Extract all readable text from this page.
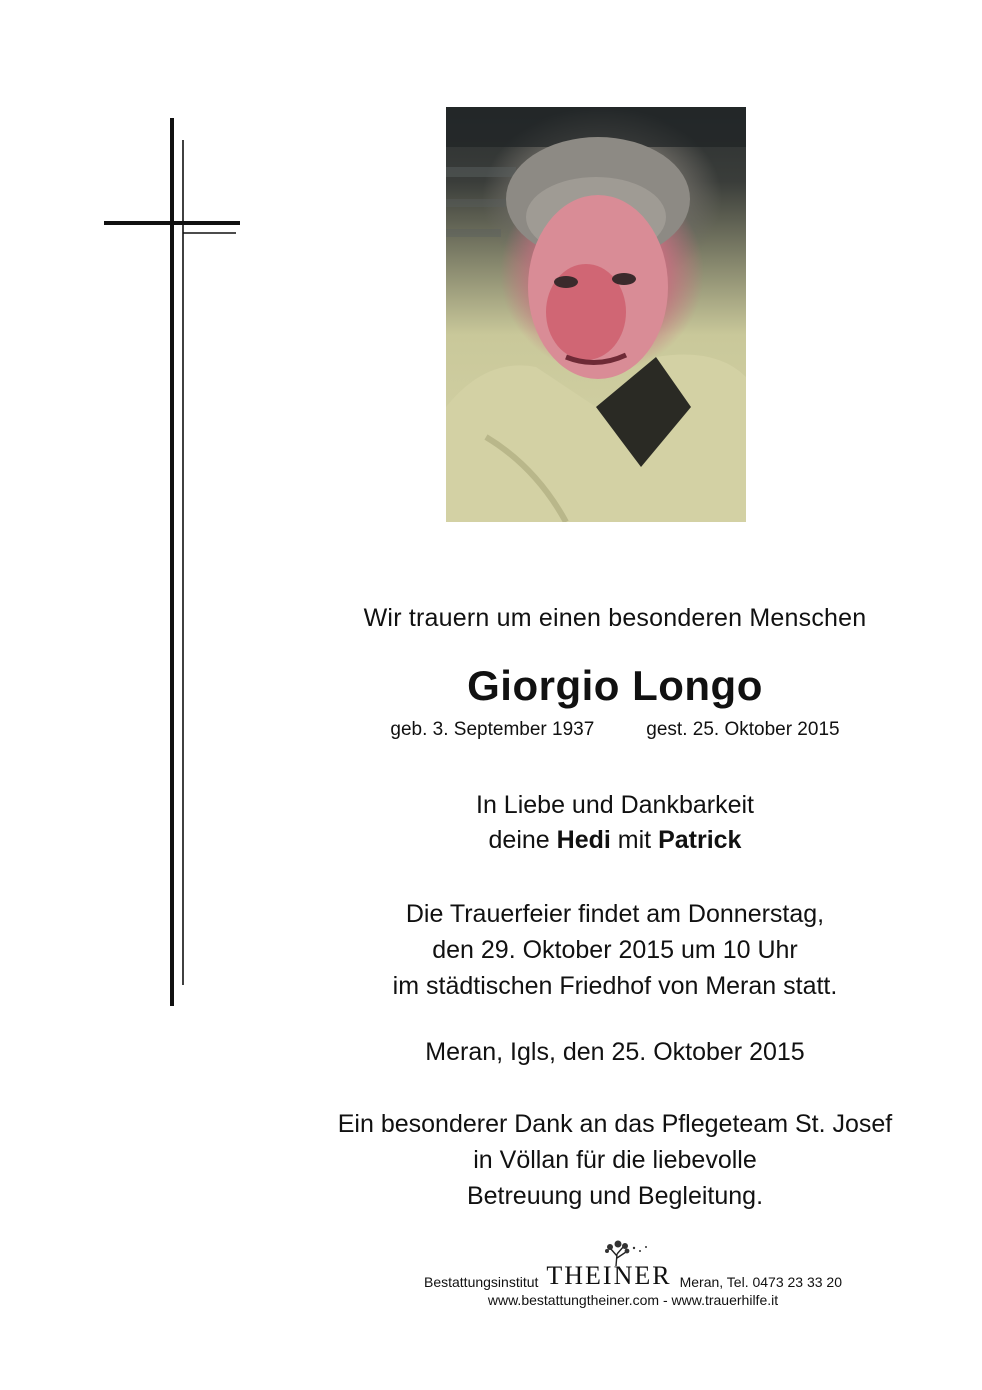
Wir trauern um einen besonderen Menschen
Giorgio Longo
geb. 3. September 1937	gest. 25. Oktober 2015
In Liebe und Dankbarkeit
deine Hedi mit Patrick
Die Trauerfeier findet am Donnerstag,
den 29. Oktober 2015 um 10 Uhr
im städtischen Friedhof von Meran statt.
Meran, Igls, den 25. Oktober 2015
Ein besonderer Dank an das Pflegeteam St. Josef
in Völlan für die liebevolle
Betreuung und Begleitung.
Bestattungsinstitut THEINER Meran, Tel. 0473 23 33 20
www.bestattungtheiner.com - www.trauerhilfe.it
